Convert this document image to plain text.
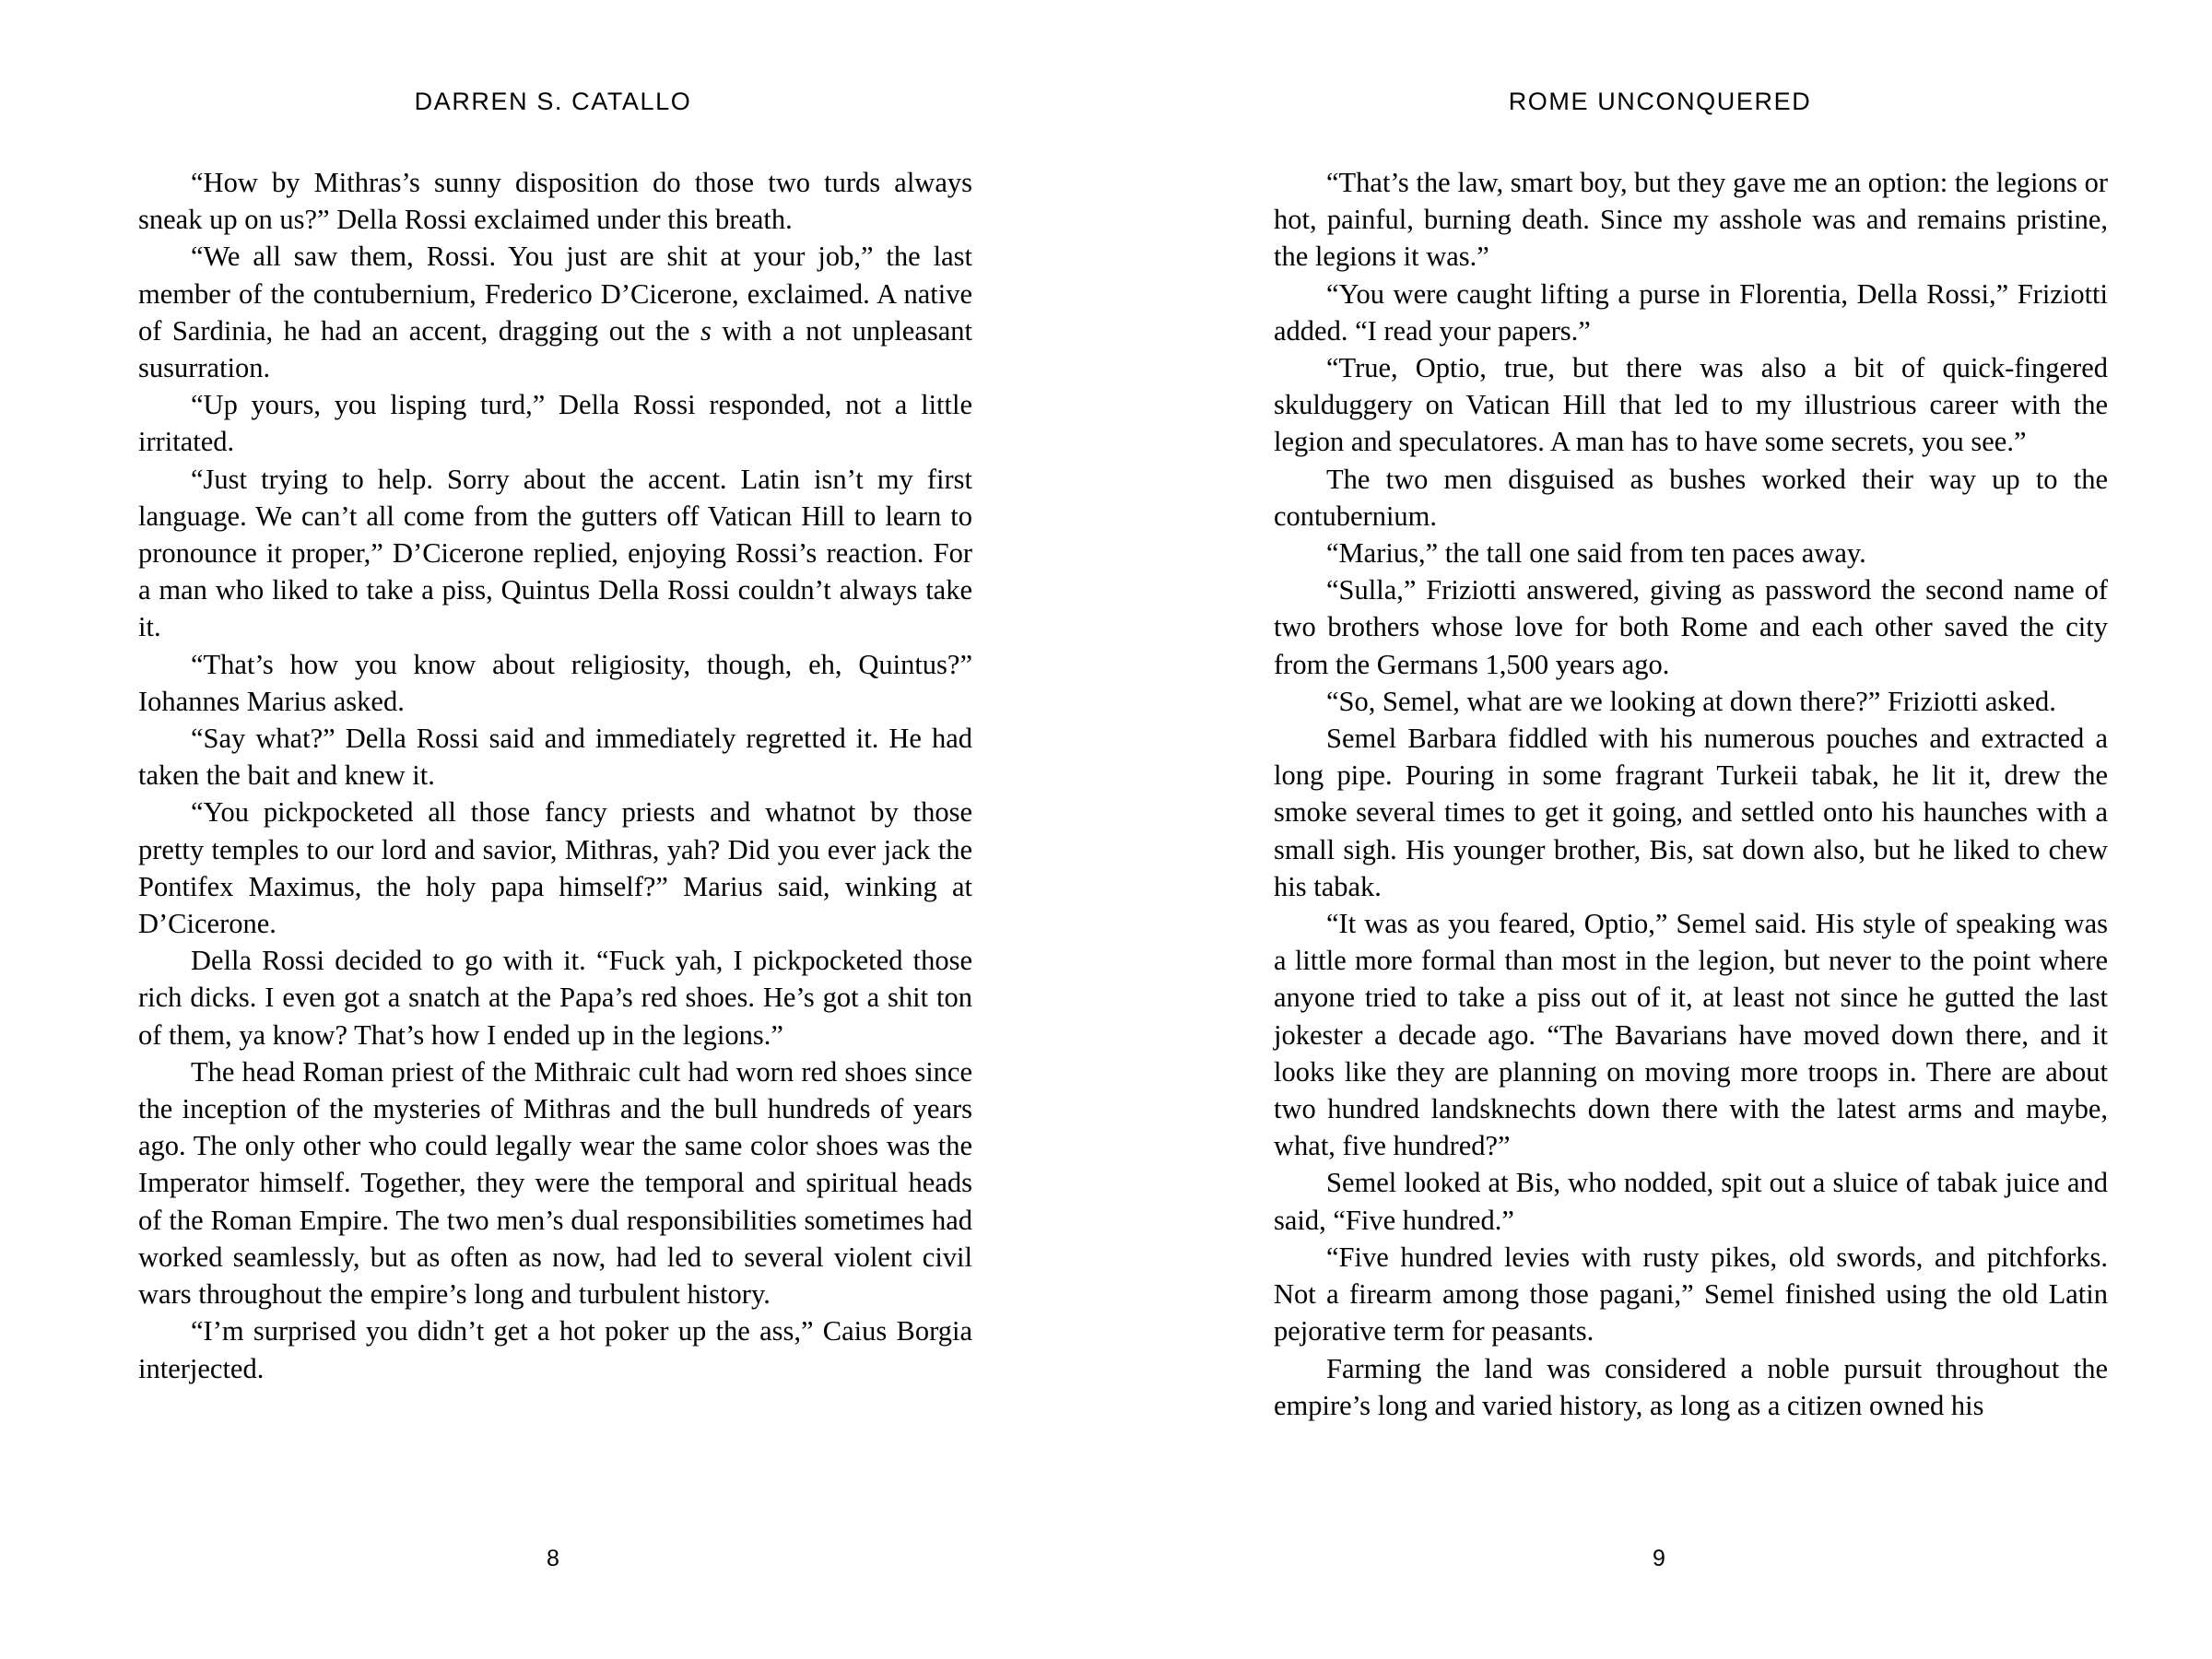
DARREN S. CATALLO

“How by Mithras’s sunny disposition do those two turds always sneak up on us?” Della Rossi exclaimed under this breath.

“We all saw them, Rossi. You just are shit at your job,” the last member of the contubernium, Frederico D’Cicerone, exclaimed. A native of Sardinia, he had an accent, dragging out the s with a not unpleasant susurration.

“Up yours, you lisping turd,” Della Rossi responded, not a little irritated.

“Just trying to help. Sorry about the accent. Latin isn’t my first language. We can’t all come from the gutters off Vatican Hill to learn to pronounce it proper,” D’Cicerone replied, enjoying Rossi’s reaction. For a man who liked to take a piss, Quintus Della Rossi couldn’t always take it.

“That’s how you know about religiosity, though, eh, Quintus?” Iohannes Marius asked.

“Say what?” Della Rossi said and immediately regretted it. He had taken the bait and knew it.

“You pickpocketed all those fancy priests and whatnot by those pretty temples to our lord and savior, Mithras, yah? Did you ever jack the Pontifex Maximus, the holy papa himself?” Marius said, winking at D’Cicerone.

Della Rossi decided to go with it. “Fuck yah, I pickpocketed those rich dicks. I even got a snatch at the Papa’s red shoes. He’s got a shit ton of them, ya know? That’s how I ended up in the legions.”

The head Roman priest of the Mithraic cult had worn red shoes since the inception of the mysteries of Mithras and the bull hundreds of years ago. The only other who could legally wear the same color shoes was the Imperator himself. Together, they were the temporal and spiritual heads of the Roman Empire. The two men’s dual responsibilities sometimes had worked seamlessly, but as often as now, had led to several violent civil wars throughout the empire’s long and turbulent history.

“I’m surprised you didn’t get a hot poker up the ass,” Caius Borgia interjected.

8
ROME UNCONQUERED

“That’s the law, smart boy, but they gave me an option: the legions or hot, painful, burning death. Since my asshole was and remains pristine, the legions it was.”

“You were caught lifting a purse in Florentia, Della Rossi,” Friziotti added. “I read your papers.”

“True, Optio, true, but there was also a bit of quick-fingered skulduggery on Vatican Hill that led to my illustrious career with the legion and speculatores. A man has to have some secrets, you see.”

The two men disguised as bushes worked their way up to the contubernium.

“Marius,” the tall one said from ten paces away.

“Sulla,” Friziotti answered, giving as password the second name of two brothers whose love for both Rome and each other saved the city from the Germans 1,500 years ago.

“So, Semel, what are we looking at down there?” Friziotti asked.

Semel Barbara fiddled with his numerous pouches and extracted a long pipe. Pouring in some fragrant Turkeii tabak, he lit it, drew the smoke several times to get it going, and settled onto his haunches with a small sigh. His younger brother, Bis, sat down also, but he liked to chew his tabak.

“It was as you feared, Optio,” Semel said. His style of speaking was a little more formal than most in the legion, but never to the point where anyone tried to take a piss out of it, at least not since he gutted the last jokester a decade ago. “The Bavarians have moved down there, and it looks like they are planning on moving more troops in. There are about two hundred landsknechts down there with the latest arms and maybe, what, five hundred?”

Semel looked at Bis, who nodded, spit out a sluice of tabak juice and said, “Five hundred.”

“Five hundred levies with rusty pikes, old swords, and pitchforks. Not a firearm among those pagani,” Semel finished using the old Latin pejorative term for peasants.

Farming the land was considered a noble pursuit throughout the empire’s long and varied history, as long as a citizen owned his

9
